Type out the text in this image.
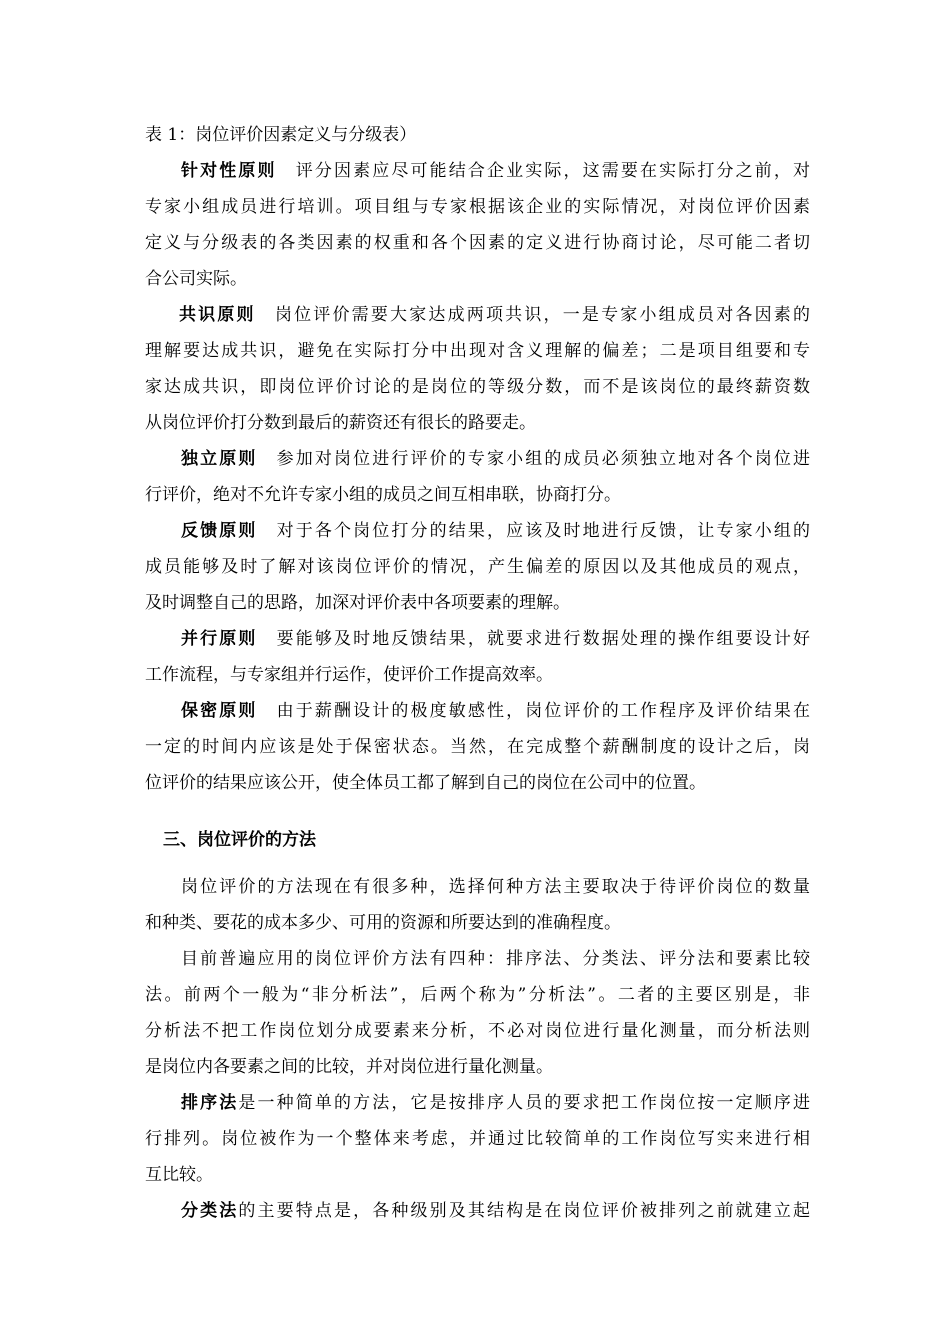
表 1：岗位评价因素定义与分级表）
针对性原则  评分因素应尽可能结合企业实际，这需要在实际打分之前，对
专家小组成员进行培训。项目组与专家根据该企业的实际情况，对岗位评价因素
定义与分级表的各类因素的权重和各个因素的定义进行协商讨论，尽可能二者切
合公司实际。
共识原则  岗位评价需要大家达成两项共识，一是专家小组成员对各因素的
理解要达成共识，避免在实际打分中出现对含义理解的偏差；二是项目组要和专
家达成共识，即岗位评价讨论的是岗位的等级分数，而不是该岗位的最终薪资数
从岗位评价打分数到最后的薪资还有很长的路要走。
独立原则  参加对岗位进行评价的专家小组的成员必须独立地对各个岗位进
行评价，绝对不允许专家小组的成员之间互相串联，协商打分。
反馈原则  对于各个岗位打分的结果，应该及时地进行反馈，让专家小组的
成员能够及时了解对该岗位评价的情况，产生偏差的原因以及其他成员的观点，
及时调整自己的思路，加深对评价表中各项要素的理解。
并行原则  要能够及时地反馈结果，就要求进行数据处理的操作组要设计好
工作流程，与专家组并行运作，使评价工作提高效率。
保密原则  由于薪酬设计的极度敏感性，岗位评价的工作程序及评价结果在
一定的时间内应该是处于保密状态。当然，在完成整个薪酬制度的设计之后，岗
位评价的结果应该公开，使全体员工都了解到自己的岗位在公司中的位置。
三、岗位评价的方法
岗位评价的方法现在有很多种，选择何种方法主要取决于待评价岗位的数量
和种类、要花的成本多少、可用的资源和所要达到的准确程度。
目前普遍应用的岗位评价方法有四种：排序法、分类法、评分法和要素比较
法。前两个一般为“非分析法”，后两个称为”分析法”。二者的主要区别是，非
分析法不把工作岗位划分成要素来分析，不必对岗位进行量化测量，而分析法则
是岗位内各要素之间的比较，并对岗位进行量化测量。
排序法是一种简单的方法，它是按排序人员的要求把工作岗位按一定顺序进
行排列。岗位被作为一个整体来考虑，并通过比较简单的工作岗位写实来进行相
互比较。
分类法的主要特点是，各种级别及其结构是在岗位评价被排列之前就建立起
